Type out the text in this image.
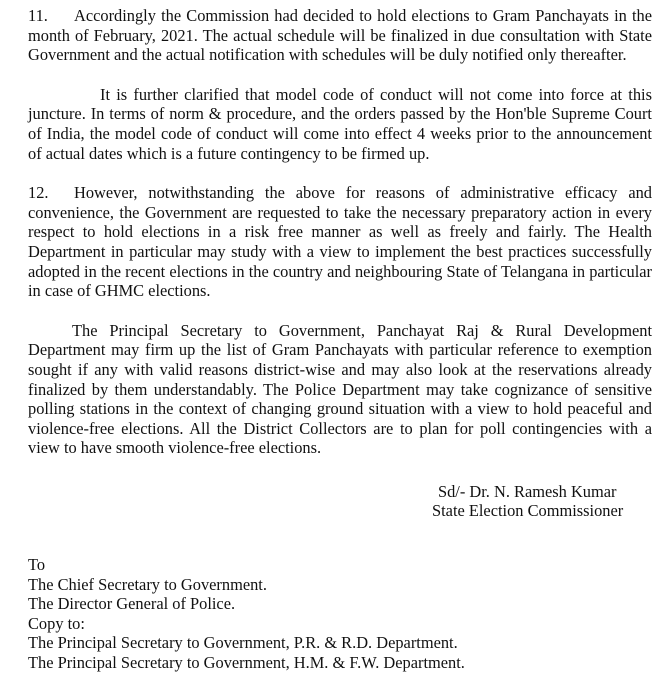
11. Accordingly the Commission had decided to hold elections to Gram Panchayats in the month of February, 2021. The actual schedule will be finalized in due consultation with State Government and the actual notification with schedules will be duly notified only thereafter.

It is further clarified that model code of conduct will not come into force at this juncture. In terms of norm & procedure, and the orders passed by the Hon'ble Supreme Court of India, the model code of conduct will come into effect 4 weeks prior to the announcement of actual dates which is a future contingency to be firmed up.

12. However, notwithstanding the above for reasons of administrative efficacy and convenience, the Government are requested to take the necessary preparatory action in every respect to hold elections in a risk free manner as well as freely and fairly. The Health Department in particular may study with a view to implement the best practices successfully adopted in the recent elections in the country and neighbouring State of Telangana in particular in case of GHMC elections.

The Principal Secretary to Government, Panchayat Raj & Rural Development Department may firm up the list of Gram Panchayats with particular reference to exemption sought if any with valid reasons district-wise and may also look at the reservations already finalized by them understandably. The Police Department may take cognizance of sensitive polling stations in the context of changing ground situation with a view to hold peaceful and violence-free elections. All the District Collectors are to plan for poll contingencies with a view to have smooth violence-free elections.

Sd/- Dr. N. Ramesh Kumar
State Election Commissioner
To
The Chief Secretary to Government.
The Director General of Police.
Copy to:
The Principal Secretary to Government, P.R. & R.D. Department.
The Principal Secretary to Government, H.M. & F.W. Department.
